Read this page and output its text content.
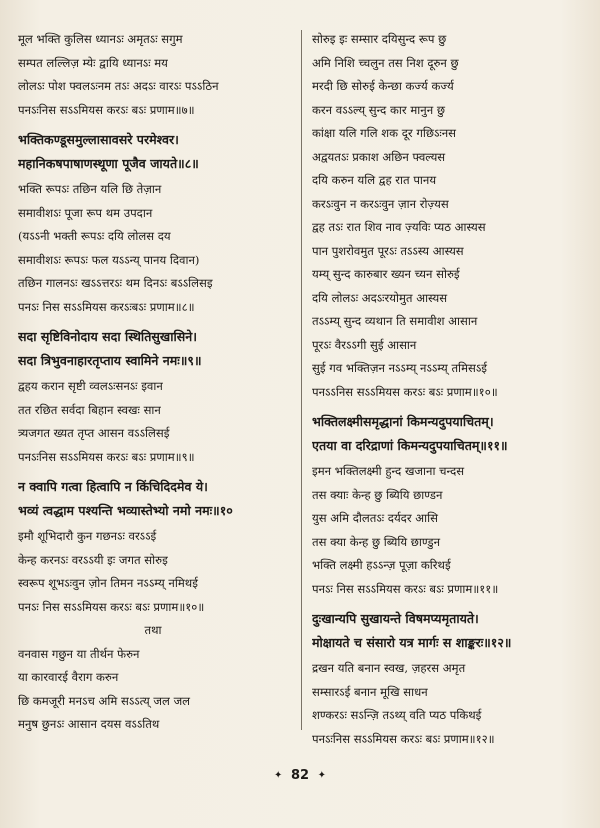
मूल भक्ति कुलिस ध्यानऽः अमृतऽः सगुम
सम्पत लल्लिज़ म्येः द्वायि ध्यानऽः मय
लोलऽः पोश फ्वलऽःनम तऽः अदऽः वारऽः पऽऽठिन
पनऽःनिस सऽऽमियस करऽः बऽः प्रणाम॥७॥
भक्तिकण्डूसमुल्लासावसरे परमेश्वर।
महानिकषपाषाणस्थूणा पूजैव जायते॥८॥
भक्ति रूपऽः तछिन यलि छि तेज़ान
समावीशऽः पूजा रूप थम उपदान
(यऽऽनी भक्ती रूपऽः दयि लोलस दय
समावीशऽः रूपऽः फल यऽऽन्य् पानय दिवान)
तछिन गालनऽः खऽऽत्तरऽः थम दिनऽः बऽऽलिसइ
पनऽः निस सऽऽमियस करऽःबऽः प्रणाम॥८॥
सदा सृष्टिविनोदाय सदा स्थितिसुखासिने।
सदा त्रिभुवनाहारतृप्ताय स्वामिने नमः॥९॥
द्वहय करान सृष्टी व्वलऽःसनऽः इवान
तत रछित सर्वदा बिहान स्वखः सान
त्र्यजगत ख्यत तृप्त आसन वऽऽलिसई
पनऽःनिस सऽऽमियस करऽः बऽः प्रणाम॥९॥
न क्वापि गत्वा हित्वापि न किंचिदिदमेव ये।
भव्यं त्वद्धाम पश्यन्ति भव्यास्तेभ्यो नमो नमः॥१०
इमौ शूभिदारौ कुन गछनऽः वरऽऽई
केन्ह करनऽः वरऽऽयी इः जगत सोरुइ
स्वरूप शूभऽःवुन ज़ोन तिमन नऽऽम्य् नमिथई
पनऽः निस सऽऽमियस करऽः बऽः प्रणाम॥१०॥
तथा
वनवास गछुन या तीर्थन फेरुन
या कारवारई वैराग करुन
छि कमजूरी मनऽच अमि सऽऽत्य् जल जल
मनुष छुनऽः आसान दयस वऽऽतिथ
सोरुइ इः सम्सार दयिसुन्द रूप छु
अमि निशि च्चलुन तस निश दूरुन छु
मरदी छि सोरुई केन्छा कर्ज्य कर्ज्य
करन वऽऽल्य् सुन्द कार मानुन छु
कांक्षा यलि गलि शक दूर गछिऽःनस
अद्वयतऽः प्रकाश अछिन फ्वल्यस
दयि करुन यलि द्वह रात पानय
करऽःवुन न करऽःवुन ज़ान रोज़्यस
द्वह तऽः रात शिव नाव ज़्यविः प्यठ आस्यस
पान पुशरोवमुत पूरऽः तऽऽस्य आस्यस
यम्य् सुन्द कारुबार ख्यन च्यन सोरुई
दयि लोलऽः अदऽःरयोमुत आस्यस
तऽऽम्य् सुन्द व्यथान ति समावीश आसान
पूरऽः वैरऽऽगी सुई आसान
सुई गव भक्तिज़न नऽऽम्य् नऽऽम्य् तमिसऽई
पनऽऽनिस सऽऽमियस करऽः बऽः प्रणाम॥१०॥
भक्तिलक्ष्मीसमृद्धानां किमन्यदुपयाचितम्।
एतया वा दरिद्राणां किमन्यदुपयाचितम्॥११॥
इमन भक्तिलक्ष्मी हुन्द खजाना चन्दस
तस क्याः केन्ह छु ब्यियि छाण्डन
युस अमि दौलतऽः दर्यदर आसि
तस क्या केन्ह छु ब्यियि छाण्डुन
भक्ति लक्ष्मी हऽऽन्ज़ पूज़ा करिथई
पनऽः निस सऽऽमियस करऽः बऽः प्रणाम॥११॥
दुःखान्यपि सुखायन्ते विषमप्यमृतायते।
मोक्षायते च संसारो यत्र मार्गः स शाङ्करः॥१२॥
द्रखन यति बनान स्वख, ज़हरस अमृत
सम्सारऽई बनान मूखि साधन
शण्करऽः सऽन्ज़ि तऽथ्य् वति प्यठ पकिथई
पनऽःनिस सऽऽमियस करऽः बऽः प्रणाम॥१२॥
✦ 82 ✦
